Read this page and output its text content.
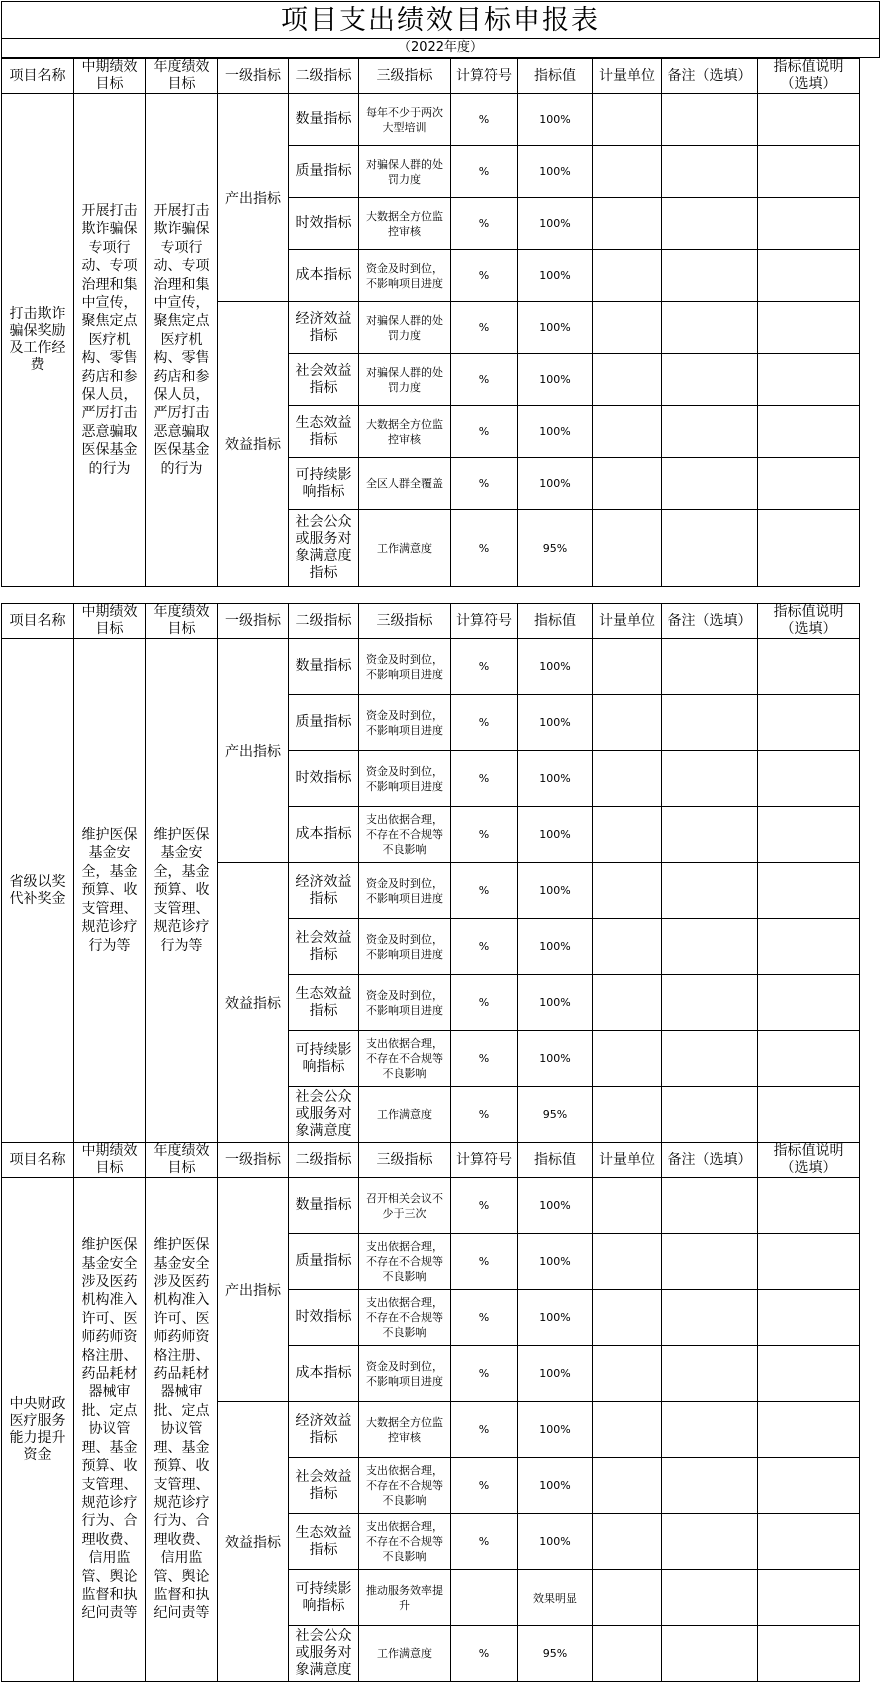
项目支出绩效目标申报表
（2022年度）
项目名称	中期绩效目标	年度绩效目标	一级指标	二级指标	三级指标	计算符号	指标值	计量单位	备注（选填）	指标值说明（选填）
打击欺诈骗保奖励及工作经费	开展打击欺诈骗保专项行动、专项治理和集中宣传，聚焦定点医疗机构、零售药店和参保人员，严厉打击恶意骗取医保基金的行为	开展打击欺诈骗保专项行动、专项治理和集中宣传，聚焦定点医疗机构、零售药店和参保人员，严厉打击恶意骗取医保基金的行为	产出指标	数量指标	每年不少于两次大型培训	%	100%			
				质量指标	对骗保人群的处罚力度	%	100%			
				时效指标	大数据全方位监控审核	%	100%			
				成本指标	资金及时到位，不影响项目进度	%	100%			
			效益指标	经济效益指标	对骗保人群的处罚力度	%	100%			
				社会效益指标	对骗保人群的处罚力度	%	100%			
				生态效益指标	大数据全方位监控审核	%	100%			
				可持续影响指标	全区人群全覆盖	%	100%			
				社会公众或服务对象满意度指标	工作满意度	%	95%			
项目名称	中期绩效目标	年度绩效目标	一级指标	二级指标	三级指标	计算符号	指标值	计量单位	备注（选填）	指标值说明（选填）
省级以奖代补奖金	维护医保基金安全，基金预算、收支管理、规范诊疗行为等	维护医保基金安全，基金预算、收支管理、规范诊疗行为等	产出指标	数量指标	资金及时到位，不影响项目进度	%	100%			
				质量指标	资金及时到位，不影响项目进度	%	100%			
				时效指标	资金及时到位，不影响项目进度	%	100%			
				成本指标	支出依据合理，不存在不合规等不良影响	%	100%			
			效益指标	经济效益指标	资金及时到位，不影响项目进度	%	100%			
				社会效益指标	资金及时到位，不影响项目进度	%	100%			
				生态效益指标	资金及时到位，不影响项目进度	%	100%			
				可持续影响指标	支出依据合理，不存在不合规等不良影响	%	100%			
				社会公众或服务对象满意度	工作满意度	%	95%			
项目名称	中期绩效目标	年度绩效目标	一级指标	二级指标	三级指标	计算符号	指标值	计量单位	备注（选填）	指标值说明（选填）
中央财政医疗服务能力提升资金	维护医保基金安全涉及医药机构准入许可、医师药师资格注册、药品耗材器械审批、定点协议管理、基金预算、收支管理、规范诊疗行为、合理收费、信用监管、舆论监督和执纪问责等	维护医保基金安全涉及医药机构准入许可、医师药师资格注册、药品耗材器械审批、定点协议管理、基金预算、收支管理、规范诊疗行为、合理收费、信用监管、舆论监督和执纪问责等	产出指标	数量指标	召开相关会议不少于三次	%	100%			
				质量指标	支出依据合理，不存在不合规等不良影响	%	100%			
				时效指标	支出依据合理，不存在不合规等不良影响	%	100%			
				成本指标	资金及时到位，不影响项目进度	%	100%			
			效益指标	经济效益指标	大数据全方位监控审核	%	100%			
				社会效益指标	支出依据合理，不存在不合规等不良影响	%	100%			
				生态效益指标	支出依据合理，不存在不合规等不良影响	%	100%			
				可持续影响指标	推动服务效率提升		效果明显			
				社会公众或服务对象满意度	工作满意度	%	95%			
